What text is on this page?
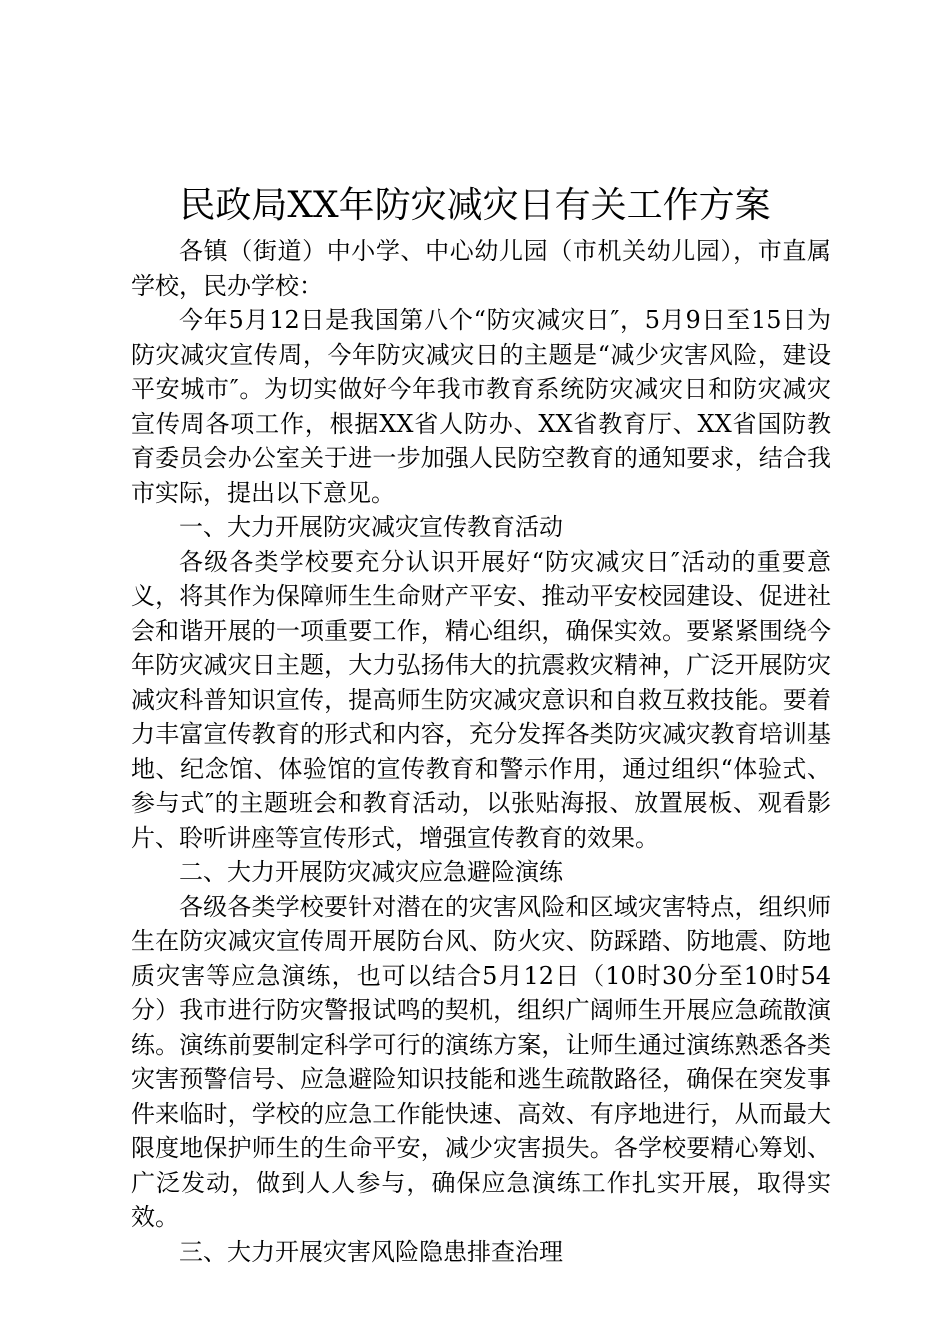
民政局XX年防灾减灾日有关工作方案

各镇（街道）中小学、中心幼儿园（市机关幼儿园），市直属学校，民办学校：

今年5月12日是我国第八个“防灾减灾日″，5月9日至15日为防灾减灾宣传周，今年防灾减灾日的主题是“减少灾害风险，建设平安城市″。为切实做好今年我市教育系统防灾减灾日和防灾减灾宣传周各项工作，根据XX省人防办、XX省教育厅、XX省国防教育委员会办公室关于进一步加强人民防空教育的通知要求，结合我市实际，提出以下意见。

一、大力开展防灾减灾宣传教育活动

各级各类学校要充分认识开展好“防灾减灾日″活动的重要意义，将其作为保障师生生命财产平安、推动平安校园建设、促进社会和谐开展的一项重要工作，精心组织，确保实效。要紧紧围绕今年防灾减灾日主题，大力弘扬伟大的抗震救灾精神，广泛开展防灾减灾科普知识宣传，提高师生防灾减灾意识和自救互救技能。要着力丰富宣传教育的形式和内容，充分发挥各类防灾减灾教育培训基地、纪念馆、体验馆的宣传教育和警示作用，通过组织“体验式、参与式″的主题班会和教育活动，以张贴海报、放置展板、观看影片、聆听讲座等宣传形式，增强宣传教育的效果。

二、大力开展防灾减灾应急避险演练

各级各类学校要针对潜在的灾害风险和区域灾害特点，组织师生在防灾减灾宣传周开展防台风、防火灾、防踩踏、防地震、防地质灾害等应急演练，也可以结合5月12日（10时30分至10时54分）我市进行防灾警报试鸣的契机，组织广阔师生开展应急疏散演练。演练前要制定科学可行的演练方案，让师生通过演练熟悉各类灾害预警信号、应急避险知识技能和逃生疏散路径，确保在突发事件来临时，学校的应急工作能快速、高效、有序地进行，从而最大限度地保护师生的生命平安，减少灾害损失。各学校要精心筹划、广泛发动，做到人人参与，确保应急演练工作扎实开展，取得实效。

三、大力开展灾害风险隐患排查治理
